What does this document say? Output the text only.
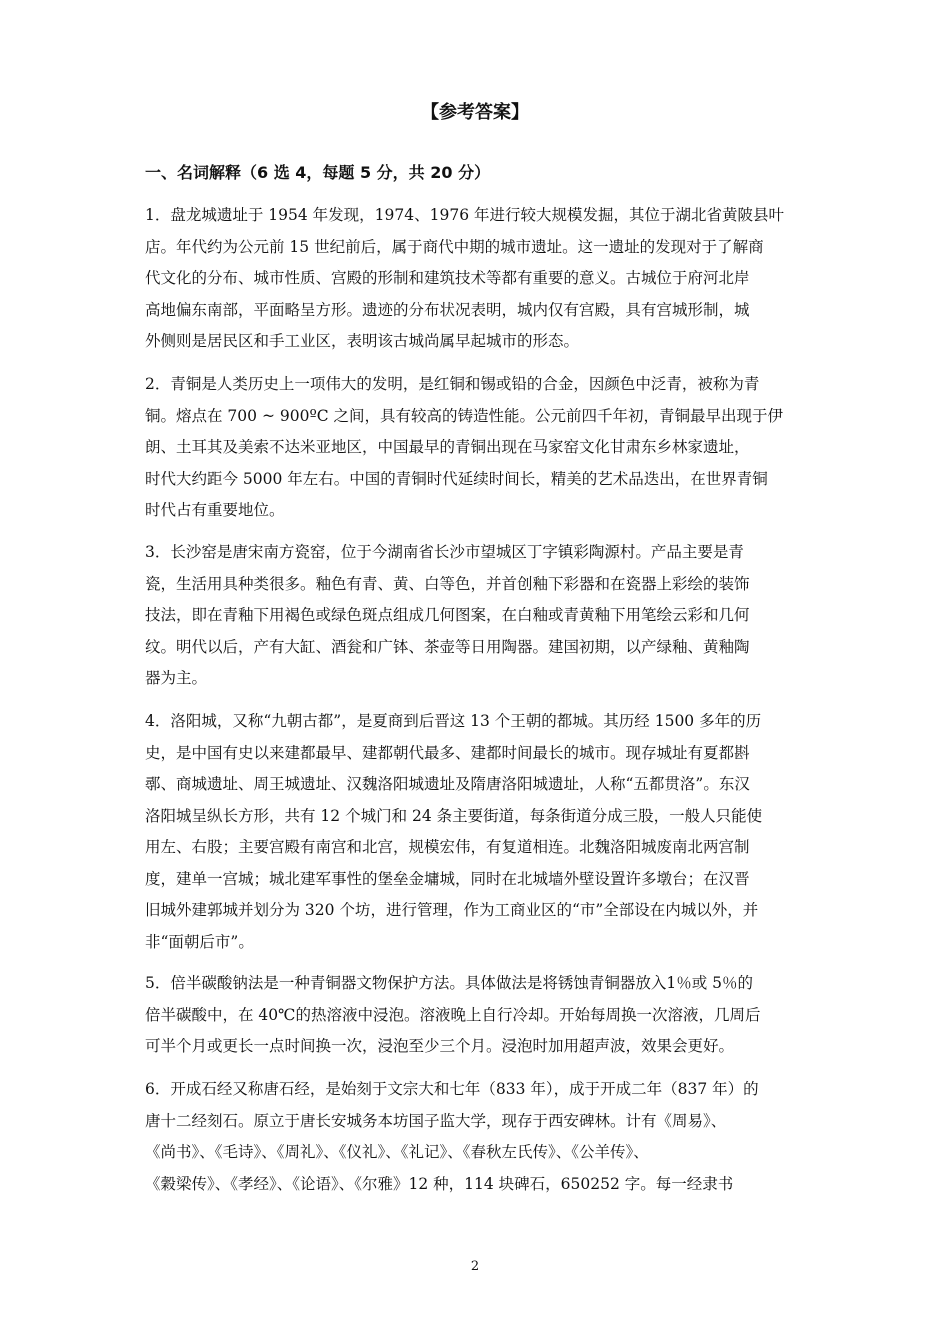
【参考答案】
一、名词解释（6 选 4，每题 5 分，共 20 分）
1．盘龙城遗址于 1954 年发现，1974、1976 年进行较大规模发掘，其位于湖北省黄陂县叶
店。年代约为公元前 15 世纪前后，属于商代中期的城市遗址。这一遗址的发现对于了解商
代文化的分布、城市性质、宫殿的形制和建筑技术等都有重要的意义。古城位于府河北岸
高地偏东南部，平面略呈方形。遗迹的分布状况表明，城内仅有宫殿，具有宫城形制，城
外侧则是居民区和手工业区，表明该古城尚属早起城市的形态。
2．青铜是人类历史上一项伟大的发明，是红铜和锡或铅的合金，因颜色中泛青，被称为青
铜。熔点在 700 ~ 900ºC 之间，具有较高的铸造性能。公元前四千年初，青铜最早出现于伊
朗、土耳其及美索不达米亚地区，中国最早的青铜出现在马家窑文化甘肃东乡林家遗址，
时代大约距今 5000 年左右。中国的青铜时代延续时间长，精美的艺术品迭出，在世界青铜
时代占有重要地位。
3．长沙窑是唐宋南方瓷窑，位于今湖南省长沙市望城区丁字镇彩陶源村。产品主要是青
瓷，生活用具种类很多。釉色有青、黄、白等色，并首创釉下彩器和在瓷器上彩绘的装饰
技法，即在青釉下用褐色或绿色斑点组成几何图案，在白釉或青黄釉下用笔绘云彩和几何
纹。明代以后，产有大缸、酒瓮和广钵、茶壶等日用陶器。建国初期，以产绿釉、黄釉陶
器为主。
4．洛阳城，又称“九朝古都”，是夏商到后晋这 13 个王朝的都城。其历经 1500 多年的历
史，是中国有史以来建都最早、建都朝代最多、建都时间最长的城市。现存城址有夏都斟
鄩、商城遗址、周王城遗址、汉魏洛阳城遗址及隋唐洛阳城遗址，人称“五都贯洛”。东汉
洛阳城呈纵长方形，共有 12 个城门和 24 条主要街道，每条街道分成三股，一般人只能使
用左、右股；主要宫殿有南宫和北宫，规模宏伟，有复道相连。北魏洛阳城废南北两宫制
度，建单一宫城；城北建军事性的堡垒金墉城，同时在北城墙外壁设置许多墩台；在汉晋
旧城外建郭城并划分为 320 个坊，进行管理，作为工商业区的“市”全部设在内城以外，并
非“面朝后市”。
5．倍半碳酸钠法是一种青铜器文物保护方法。具体做法是将锈蚀青铜器放入1％或 5％的
倍半碳酸中，在 40℃的热溶液中浸泡。溶液晚上自行冷却。开始每周换一次溶液，几周后
可半个月或更长一点时间换一次，浸泡至少三个月。浸泡时加用超声波，效果会更好。
6．开成石经又称唐石经，是始刻于文宗大和七年（833 年），成于开成二年（837 年）的
唐十二经刻石。原立于唐长安城务本坊国子监大学，现存于西安碑林。计有《周易》、
《尚书》、《毛诗》、《周礼》、《仪礼》、《礼记》、《春秋左氏传》、《公羊传》、
《穀梁传》、《孝经》、《论语》、《尔雅》12 种，114 块碑石，650252 字。每一经隶书
2
